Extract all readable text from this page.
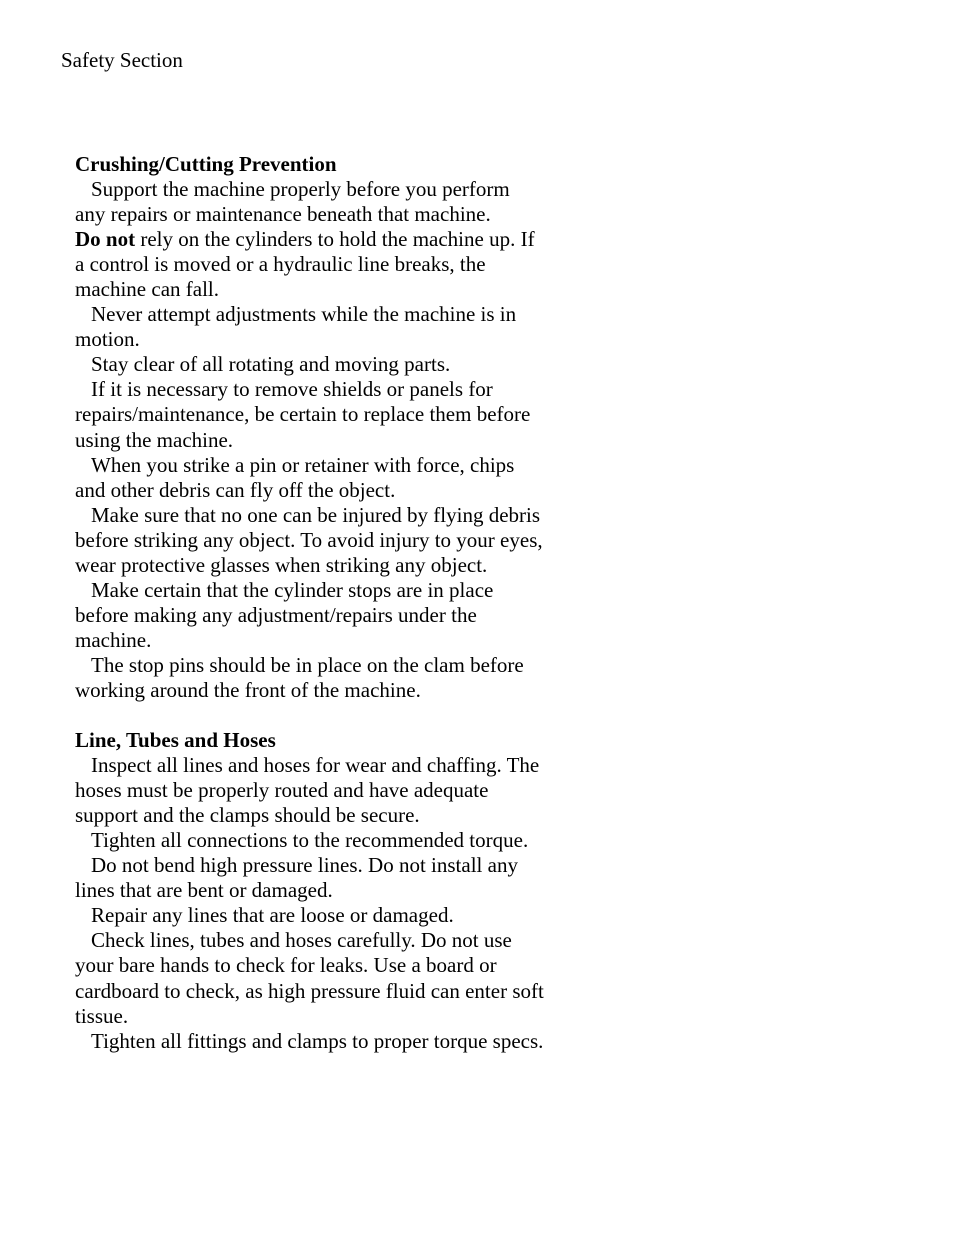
Safety Section

Crushing/Cutting Prevention

Support the machine properly before you perform any repairs or maintenance beneath that machine.

Do not rely on the cylinders to hold the machine up. If a control is moved or a hydraulic line breaks, the machine can fall.

Never attempt adjustments while the machine is in motion.

Stay clear of all rotating and moving parts.

If it is necessary to remove shields or panels for repairs/maintenance, be certain to replace them before using the machine.

When you strike a pin or retainer with force, chips and other debris can fly off the object.

Make sure that no one can be injured by flying debris before striking any object. To avoid injury to your eyes, wear protective glasses when striking any object.

Make certain that the cylinder stops are in place before making any adjustment/repairs under the machine.

The stop pins should be in place on the clam before working around the front of the machine.

Line, Tubes and Hoses

Inspect all lines and hoses for wear and chaffing. The hoses must be properly routed and have adequate support and the clamps should be secure.

Tighten all connections to the recommended torque.

Do not bend high pressure lines. Do not install any lines that are bent or damaged.

Repair any lines that are loose or damaged.

Check lines, tubes and hoses carefully. Do not use your bare hands to check for leaks. Use a board or cardboard to check, as high pressure fluid can enter soft tissue.

Tighten all fittings and clamps to proper torque specs.
